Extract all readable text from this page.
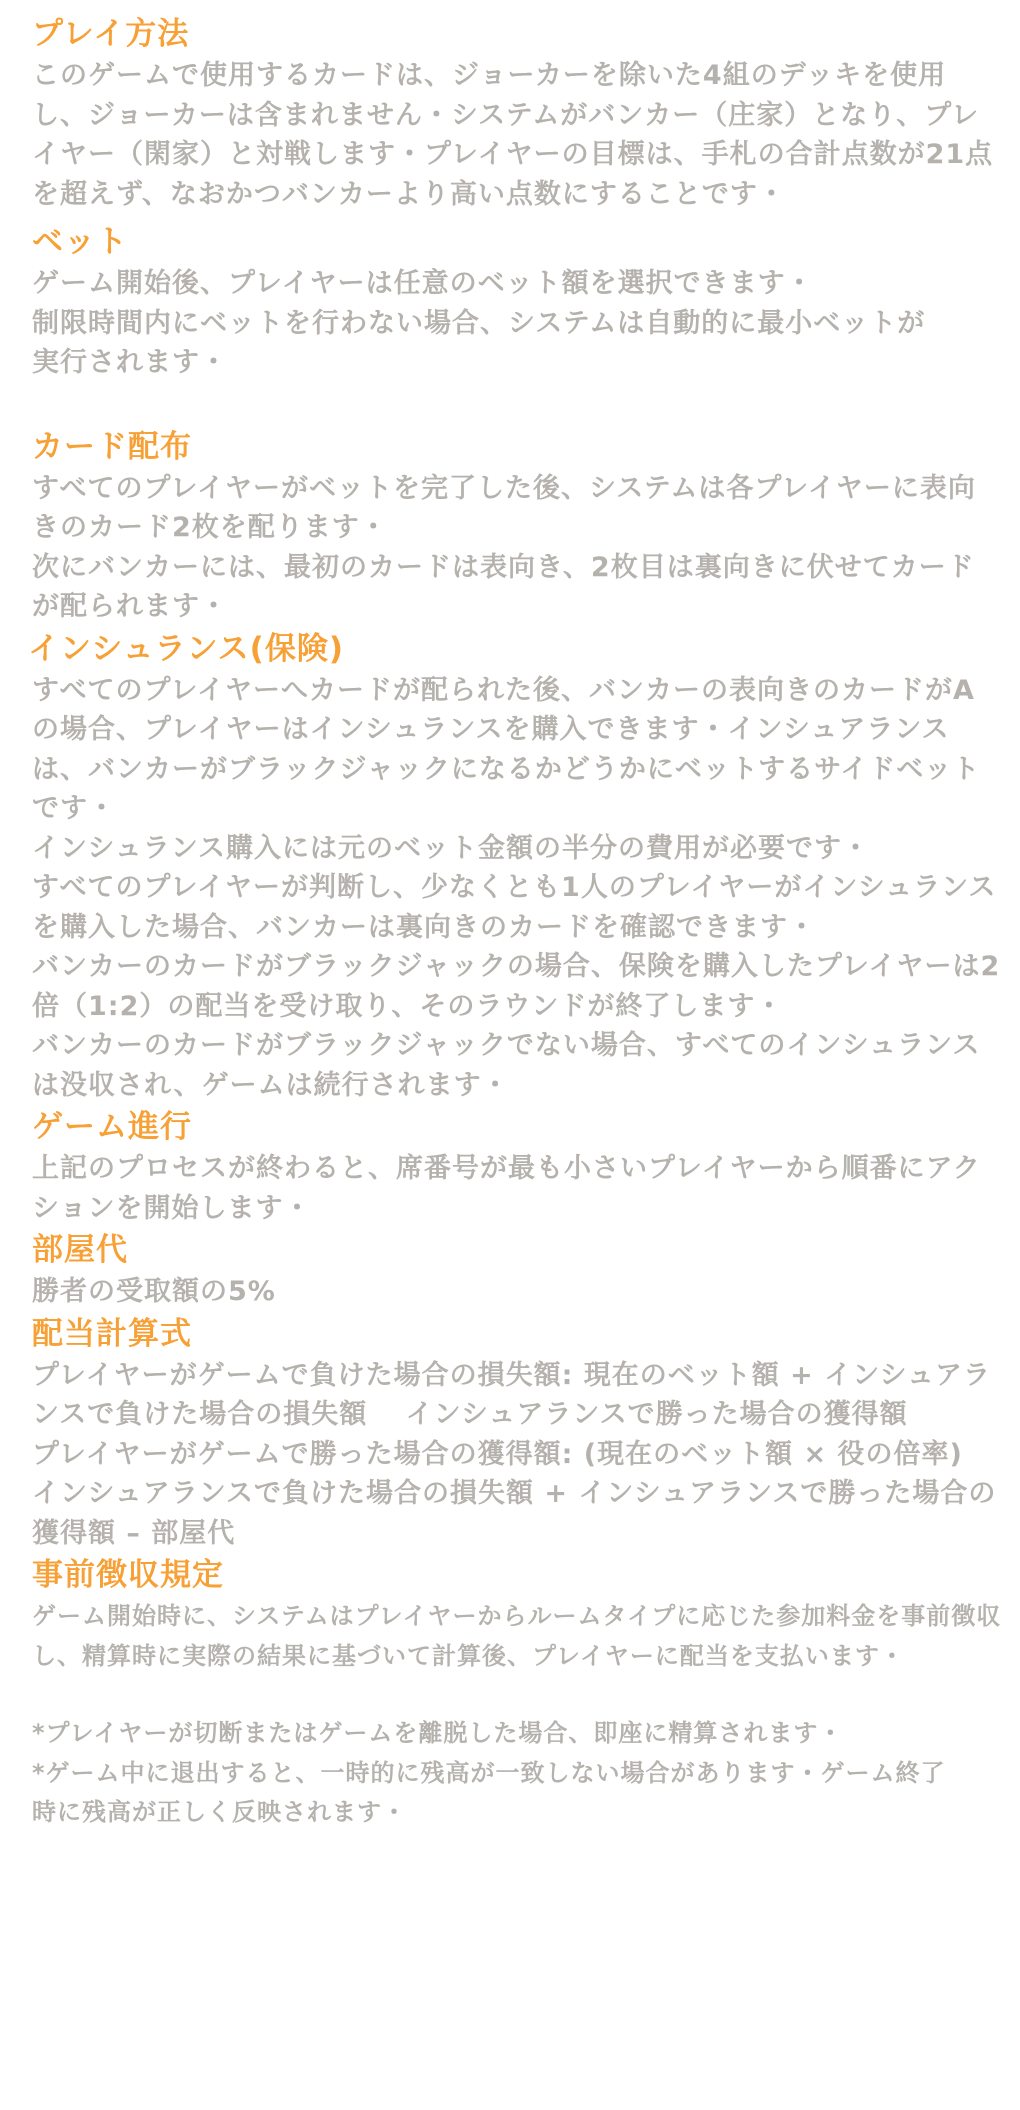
プレイ方法

このゲームで使用するカードは、ジョーカーを除いた4組のデッキを使用し、ジョーカーは含まれません・システムがバンカー（庄家）となり、プレイヤー（閑家）と対戦します・プレイヤーの目標は、手札の合計点数が21点を超えず、なおかつバンカーより高い点数にすることです・

ベット

ゲーム開始後、プレイヤーは任意のベット額を選択できます・

制限時間内にベットを行わない場合、システムは自動的に最小ベットが実行されます・

カード配布

すべてのプレイヤーがベットを完了した後、システムは各プレイヤーに表向きのカード2枚を配ります・

次にバンカーには、最初のカードは表向き、2枚目は裏向きに伏せてカードが配られます・

インシュランス(保険)

すべてのプレイヤーへカードが配られた後、バンカーの表向きのカードがAの場合、プレイヤーはインシュランスを購入できます・インシュアランスは、バンカーがブラックジャックになるかどうかにベットするサイドベットです・

インシュランス購入には元のベット金額の半分の費用が必要です・

すべてのプレイヤーが判断し、少なくとも1人のプレイヤーがインシュランスを購入した場合、バンカーは裏向きのカードを確認できます・

バンカーのカードがブラックジャックの場合、保険を購入したプレイヤーは2倍（1:2）の配当を受け取り、そのラウンドが終了します・

バンカーのカードがブラックジャックでない場合、すべてのインシュランスは没収され、ゲームは続行されます・

ゲーム進行

上記のプロセスが終わると、席番号が最も小さいプレイヤーから順番にアクションを開始します・

部屋代

勝者の受取額の5%

配当計算式

プレイヤーがゲームで負けた場合の損失額: 現在のベット額 + インシュアランスで負けた場合の損失額　 インシュアランスで勝った場合の獲得額

プレイヤーがゲームで勝った場合の獲得額: (現在のベット額 × 役の倍率)　 インシュアランスで負けた場合の損失額 + インシュアランスで勝った場合の獲得額 – 部屋代

事前徴収規定

ゲーム開始時に、システムはプレイヤーからルームタイプに応じた参加料金を事前徴収し、精算時に実際の結果に基づいて計算後、プレイヤーに配当を支払います・

*プレイヤーが切断またはゲームを離脱した場合、即座に精算されます・

*ゲーム中に退出すると、一時的に残高が一致しない場合があります・ゲーム終了時に残高が正しく反映されます・
